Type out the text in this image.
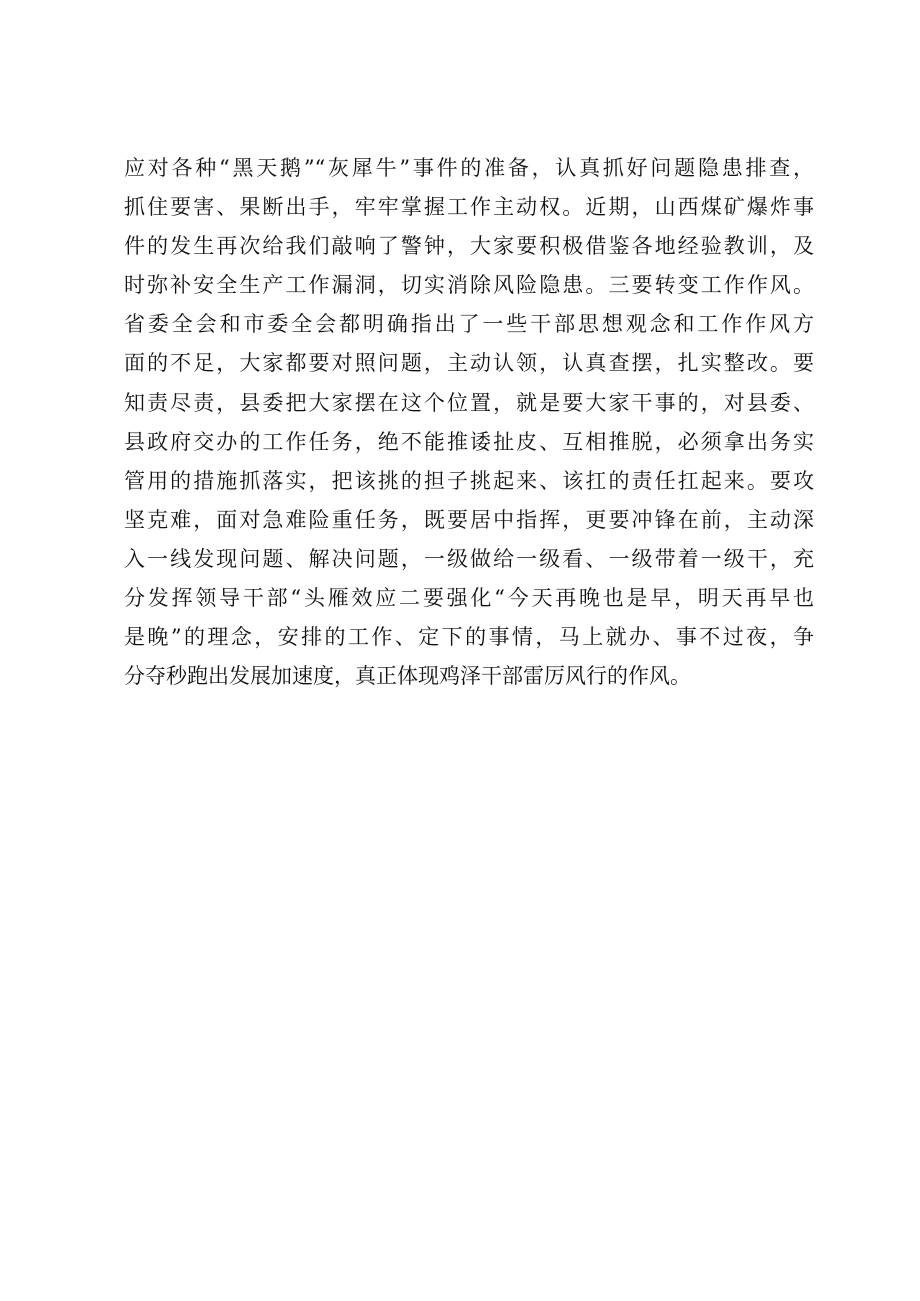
应对各种“黑天鹅”“灰犀牛”事件的准备，认真抓好问题隐患排查，
抓住要害、果断出手，牢牢掌握工作主动权。近期，山西煤矿爆炸事
件的发生再次给我们敲响了警钟，大家要积极借鉴各地经验教训，及
时弥补安全生产工作漏洞，切实消除风险隐患。三要转变工作作风。
省委全会和市委全会都明确指出了一些干部思想观念和工作作风方
面的不足，大家都要对照问题，主动认领，认真查摆，扎实整改。要
知责尽责，县委把大家摆在这个位置，就是要大家干事的，对县委、
县政府交办的工作任务，绝不能推诿扯皮、互相推脱，必须拿出务实
管用的措施抓落实，把该挑的担子挑起来、该扛的责任扛起来。要攻
坚克难，面对急难险重任务，既要居中指挥，更要冲锋在前，主动深
入一线发现问题、解决问题，一级做给一级看、一级带着一级干，充
分发挥领导干部“头雁效应二要强化“今天再晚也是早，明天再早也
是晚”的理念，安排的工作、定下的事情，马上就办、事不过夜，争
分夺秒跑出发展加速度，真正体现鸡泽干部雷厉风行的作风。
